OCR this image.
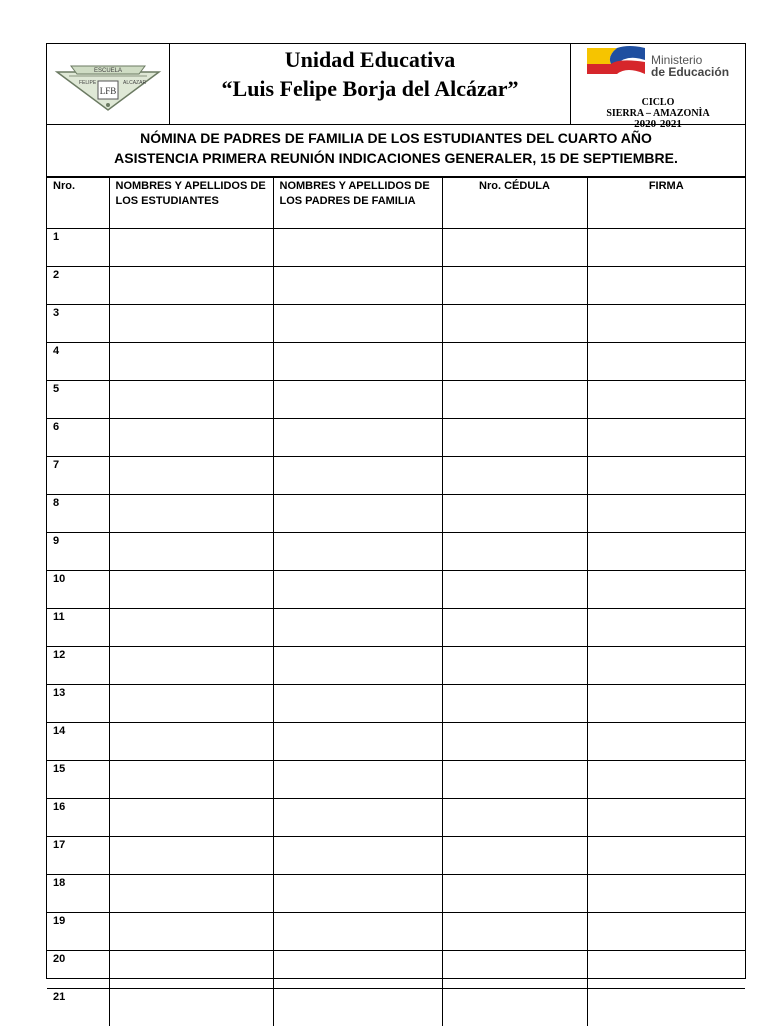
ESCUELA
FELIPE	ALCAZAR
LFB
Unidad Educativa
“Luis Felipe Borja del Alcázar”
Ministerio
de Educación
CICLO
SIERRA – AMAZONÌA
2020-2021
NÓMINA DE PADRES DE FAMILIA DE LOS ESTUDIANTES DEL CUARTO AÑO
ASISTENCIA PRIMERA REUNIÓN INDICACIONES GENERALER, 15 DE SEPTIEMBRE.
Nro.	NOMBRES Y APELLIDOS DE LOS ESTUDIANTES	NOMBRES Y APELLIDOS DE LOS PADRES DE FAMILIA	Nro. CÉDULA	FIRMA
1				
2				
3				
4				
5				
6				
7				
8				
9				
10				
11				
12				
13				
14				
15				
16				
17				
18				
19				
20				
21				
